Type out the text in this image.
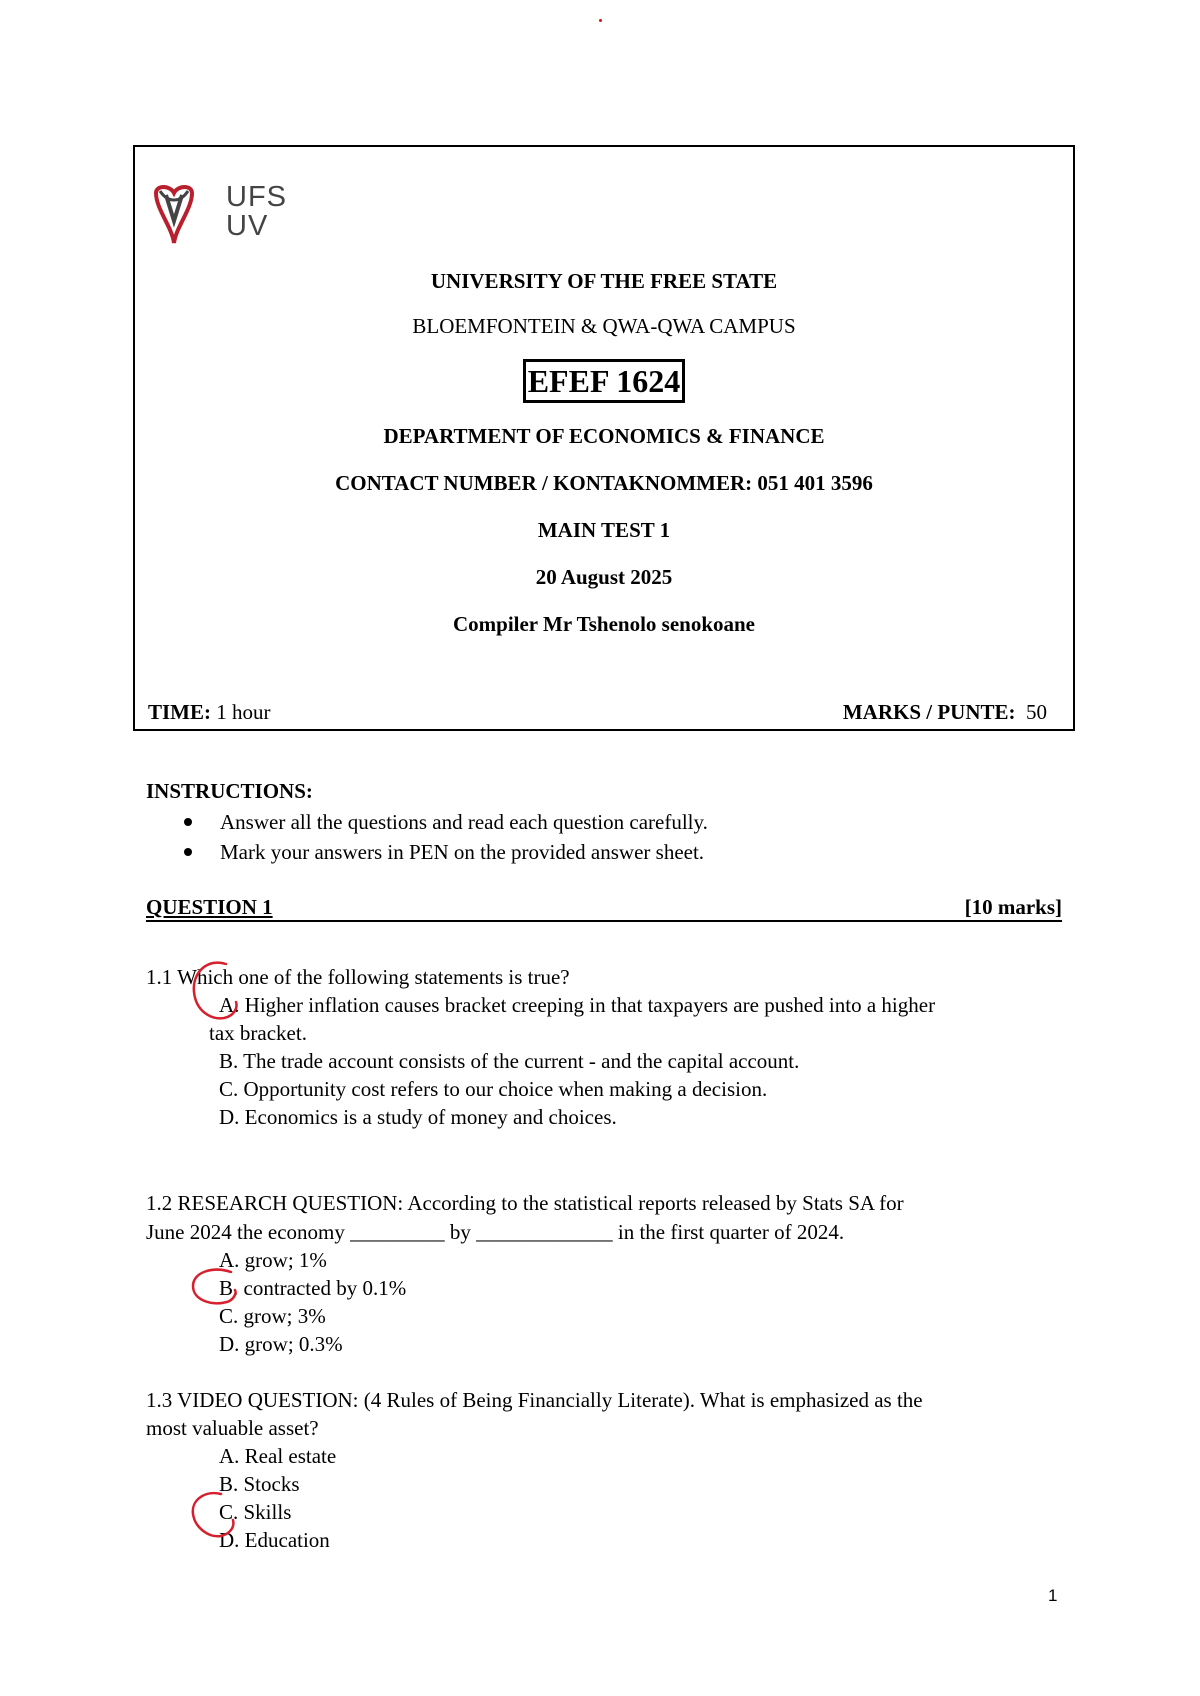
UFS
UV
UNIVERSITY OF THE FREE STATE
BLOEMFONTEIN & QWA-QWA CAMPUS
EFEF 1624
DEPARTMENT OF ECONOMICS & FINANCE
CONTACT NUMBER / KONTAKNOMMER: 051 401 3596
MAIN TEST 1
20 August 2025
Compiler Mr Tshenolo senokoane
TIME: 1 hour	MARKS / PUNTE: 50
INSTRUCTIONS:
Answer all the questions and read each question carefully.
Mark your answers in PEN on the provided answer sheet.
QUESTION 1	[10 marks]
1.1 Which one of the following statements is true?
A. Higher inflation causes bracket creeping in that taxpayers are pushed into a higher
tax bracket.
B. The trade account consists of the current - and the capital account.
C. Opportunity cost refers to our choice when making a decision.
D. Economics is a study of money and choices.
1.2 RESEARCH QUESTION: According to the statistical reports released by Stats SA for
June 2024 the economy _________ by _____________ in the first quarter of 2024.
A. grow; 1%
B. contracted by 0.1%
C. grow; 3%
D. grow; 0.3%
1.3 VIDEO QUESTION: (4 Rules of Being Financially Literate). What is emphasized as the
most valuable asset?
A. Real estate
B. Stocks
C. Skills
D. Education
1
